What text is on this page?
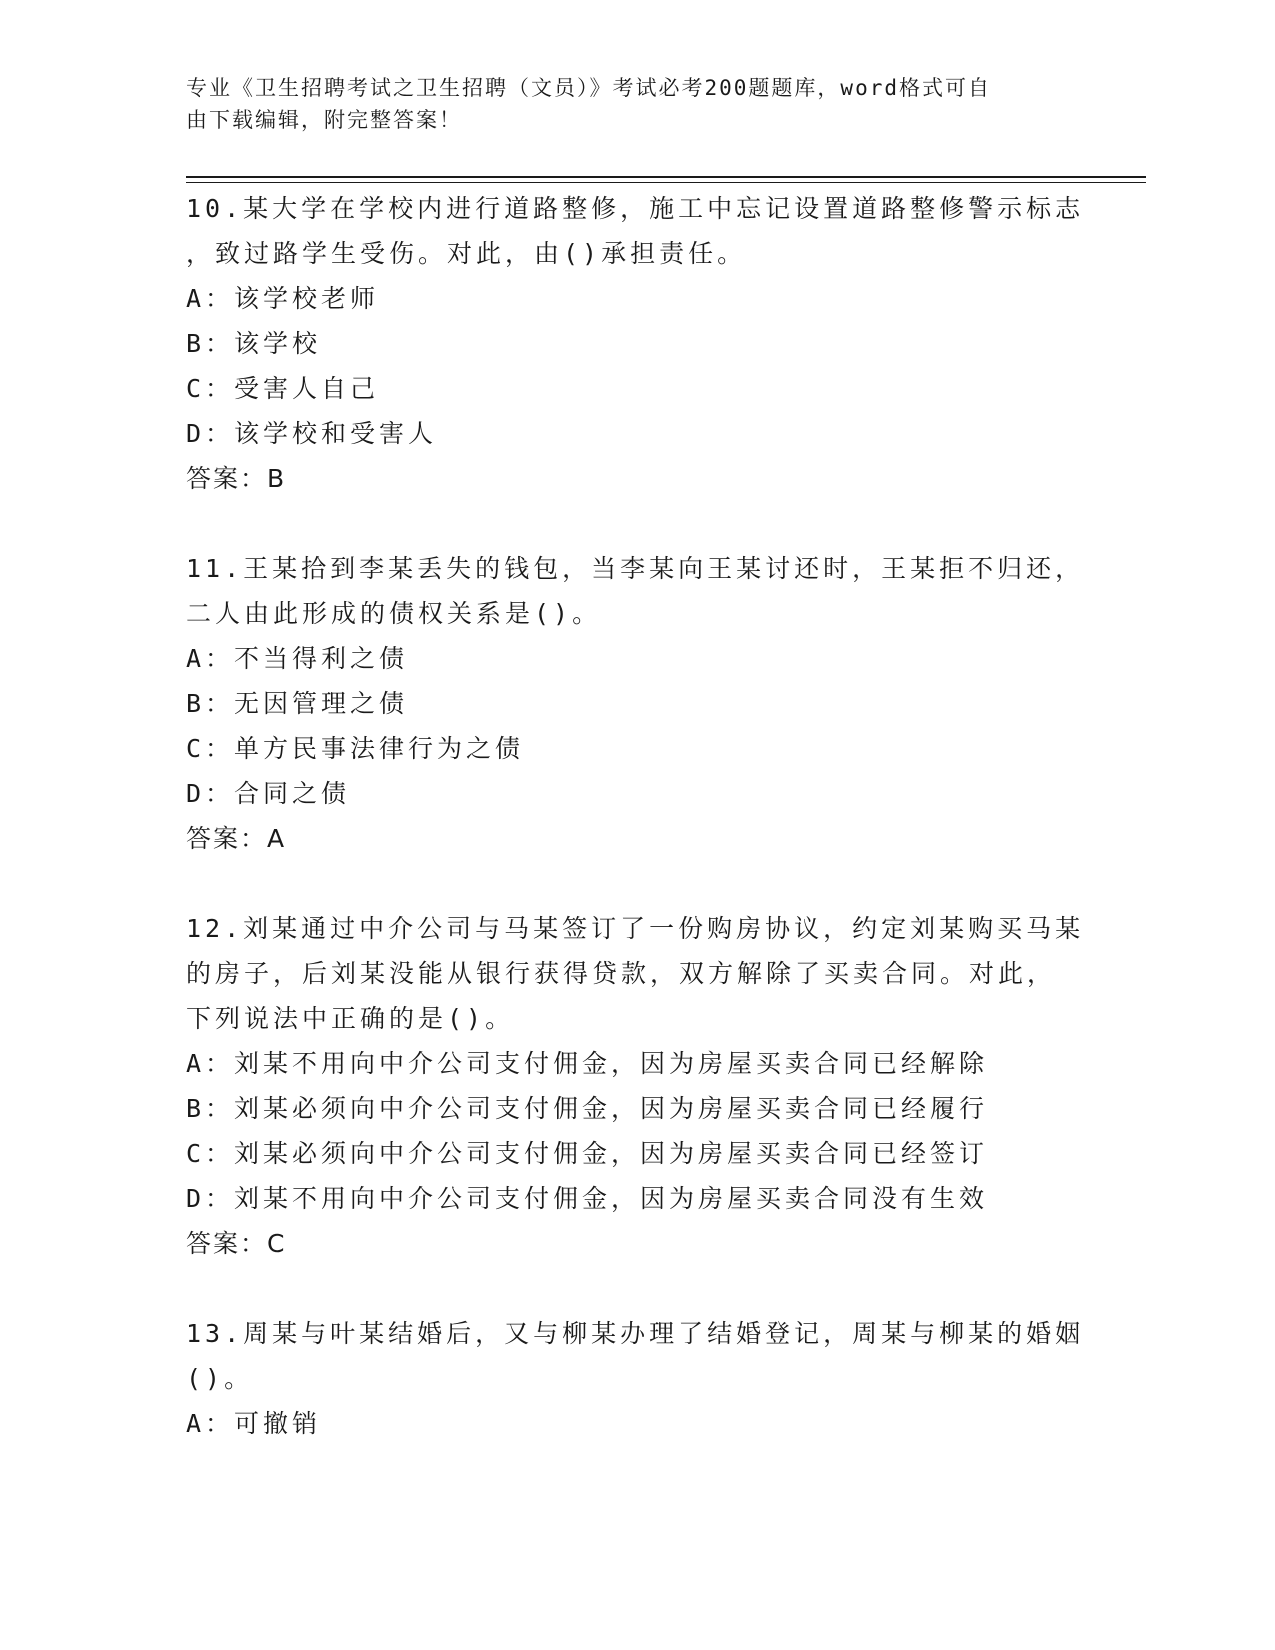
专业《卫生招聘考试之卫生招聘（文员）》考试必考200题题库，word格式可自
由下载编辑，附完整答案！
10.某大学在学校内进行道路整修，施工中忘记设置道路整修警示标志
，致过路学生受伤。对此，由()承担责任。
A：该学校老师
B：该学校
C：受害人自己
D：该学校和受害人
答案：B
11.王某拾到李某丢失的钱包，当李某向王某讨还时，王某拒不归还，
二人由此形成的债权关系是()。
A：不当得利之债
B：无因管理之债
C：单方民事法律行为之债
D：合同之债
答案：A
12.刘某通过中介公司与马某签订了一份购房协议，约定刘某购买马某
的房子，后刘某没能从银行获得贷款，双方解除了买卖合同。对此，
下列说法中正确的是()。
A：刘某不用向中介公司支付佣金，因为房屋买卖合同已经解除
B：刘某必须向中介公司支付佣金，因为房屋买卖合同已经履行
C：刘某必须向中介公司支付佣金，因为房屋买卖合同已经签订
D：刘某不用向中介公司支付佣金，因为房屋买卖合同没有生效
答案：C
13.周某与叶某结婚后，又与柳某办理了结婚登记，周某与柳某的婚姻
()。
A：可撤销
